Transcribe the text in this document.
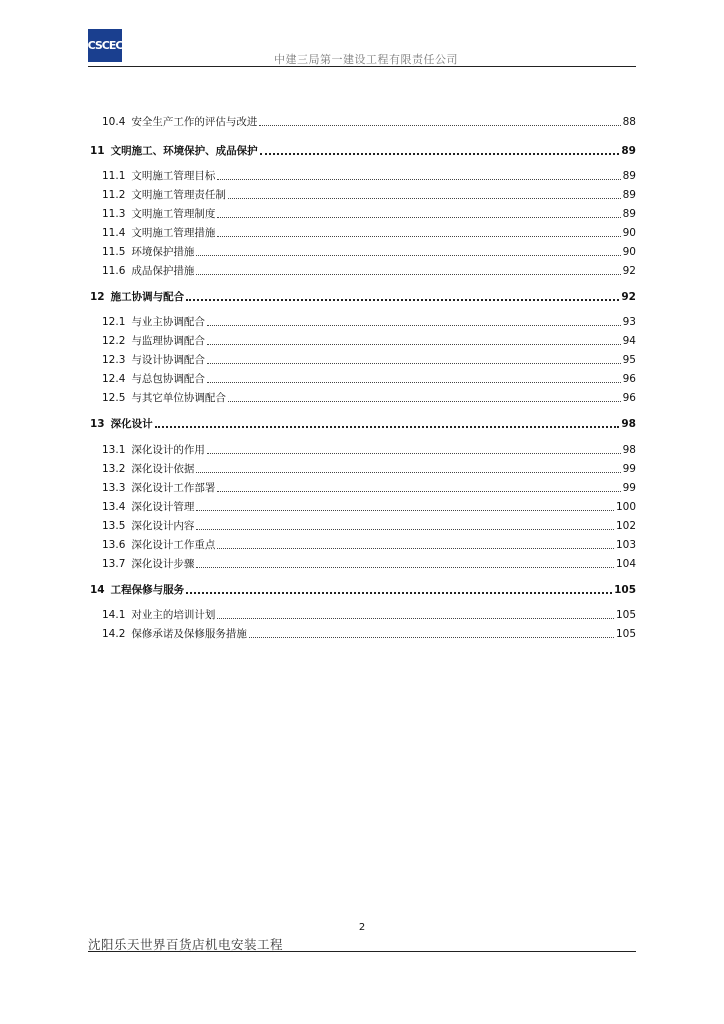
CSCEC
中建三局第一建设工程有限责任公司
10.4 安全生产工作的评估与改进	88
11 文明施工、环境保护、成品保护	89
11.1 文明施工管理目标	89
11.2 文明施工管理责任制	89
11.3 文明施工管理制度	89
11.4 文明施工管理措施	90
11.5 环境保护措施	90
11.6 成品保护措施	92
12 施工协调与配合	92
12.1 与业主协调配合	93
12.2 与监理协调配合	94
12.3 与设计协调配合	95
12.4 与总包协调配合	96
12.5 与其它单位协调配合	96
13 深化设计	98
13.1 深化设计的作用	98
13.2 深化设计依据	99
13.3 深化设计工作部署	99
13.4 深化设计管理	100
13.5 深化设计内容	102
13.6 深化设计工作重点	103
13.7 深化设计步骤	104
14 工程保修与服务	105
14.1 对业主的培训计划	105
14.2 保修承诺及保修服务措施	105
2
沈阳乐天世界百货店机电安装工程
